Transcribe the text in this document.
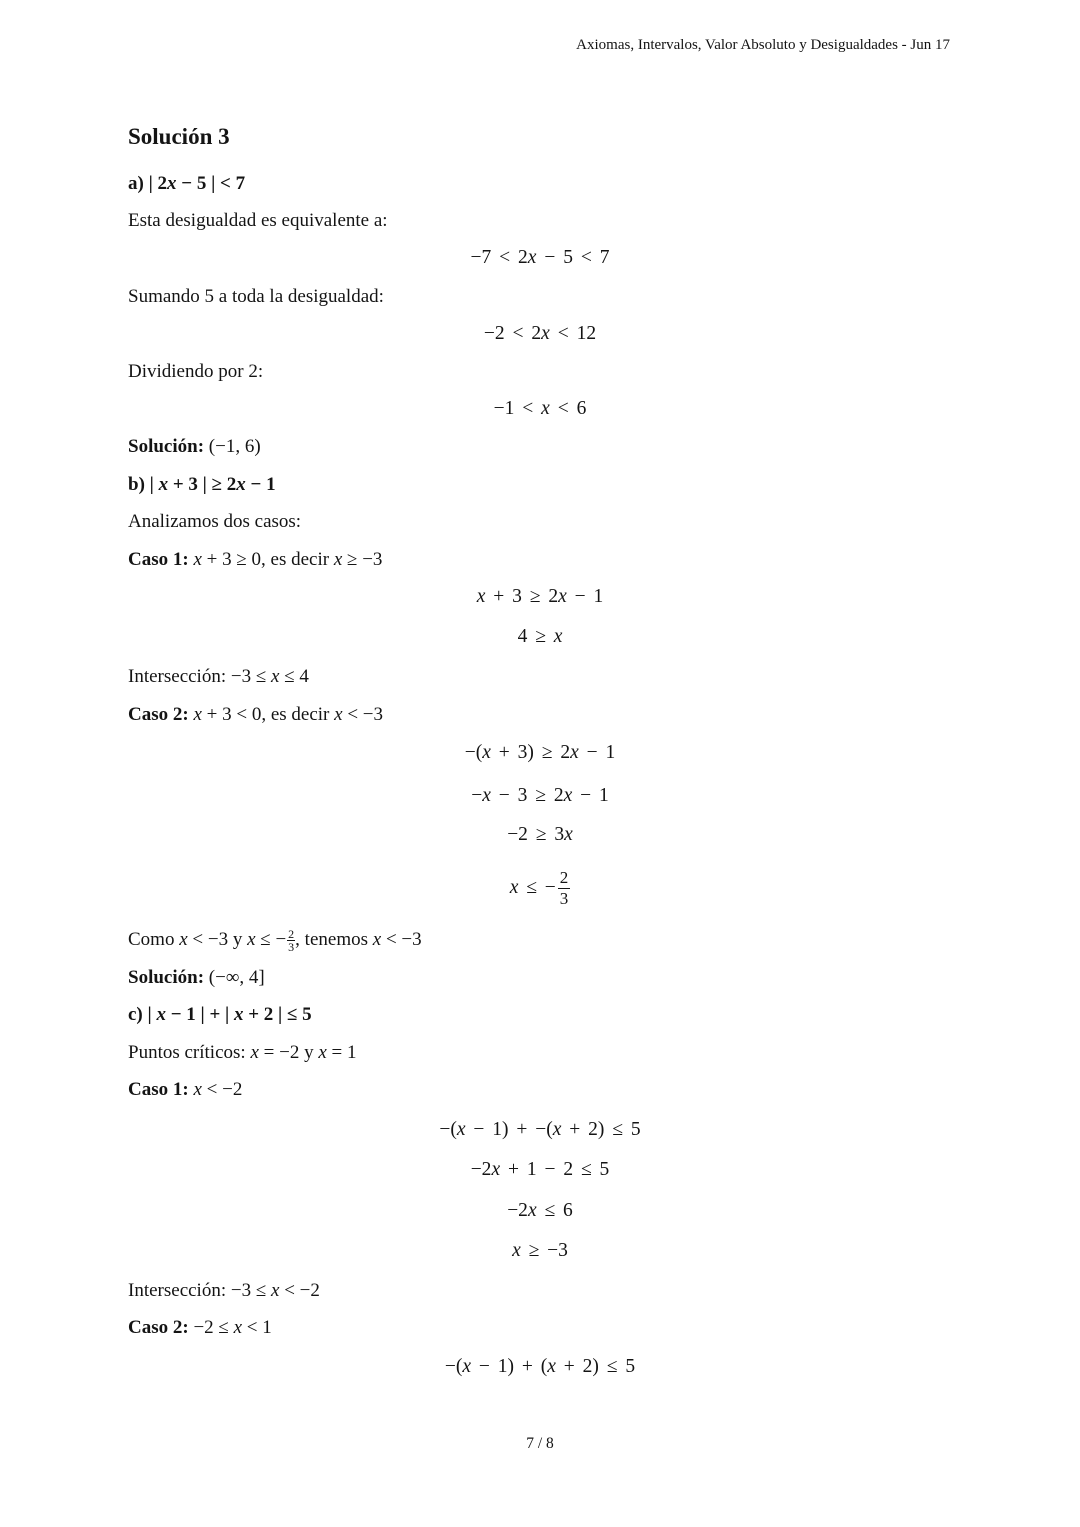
Axiomas, Intervalos, Valor Absoluto y Desigualdades - Jun 17
Solución 3
a) | 2x − 5 | < 7
Esta desigualdad es equivalente a:
−7 < 2x − 5 < 7
Sumando 5 a toda la desigualdad:
−2 < 2x < 12
Dividiendo por 2:
−1 < x < 6
Solución: (−1, 6)
b) | x + 3 | ≥ 2x − 1
Analizamos dos casos:
Caso 1: x + 3 ≥ 0, es decir x ≥ −3
x + 3 ≥ 2x − 1
4 ≥ x
Intersección: −3 ≤ x ≤ 4
Caso 2: x + 3 < 0, es decir x < −3
−(x + 3) ≥ 2x − 1
−x − 3 ≥ 2x − 1
−2 ≥ 3x
x ≤ − $\frac{2}{3}$
Como x < −3 y x ≤ − $\frac{2}{3}$ , tenemos x < −3
Solución: (−∞, 4]
c) | x − 1 | + | x + 2 | ≤ 5
Puntos críticos: x = −2 y x = 1
Caso 1: x < −2
−(x − 1) + −(x + 2) ≤ 5
−2x + 1 − 2 ≤ 5
−2x ≤ 6
x ≥ −3
Intersección: −3 ≤ x < −2
Caso 2: −2 ≤ x < 1
−(x − 1) + (x + 2) ≤ 5
7 / 8
